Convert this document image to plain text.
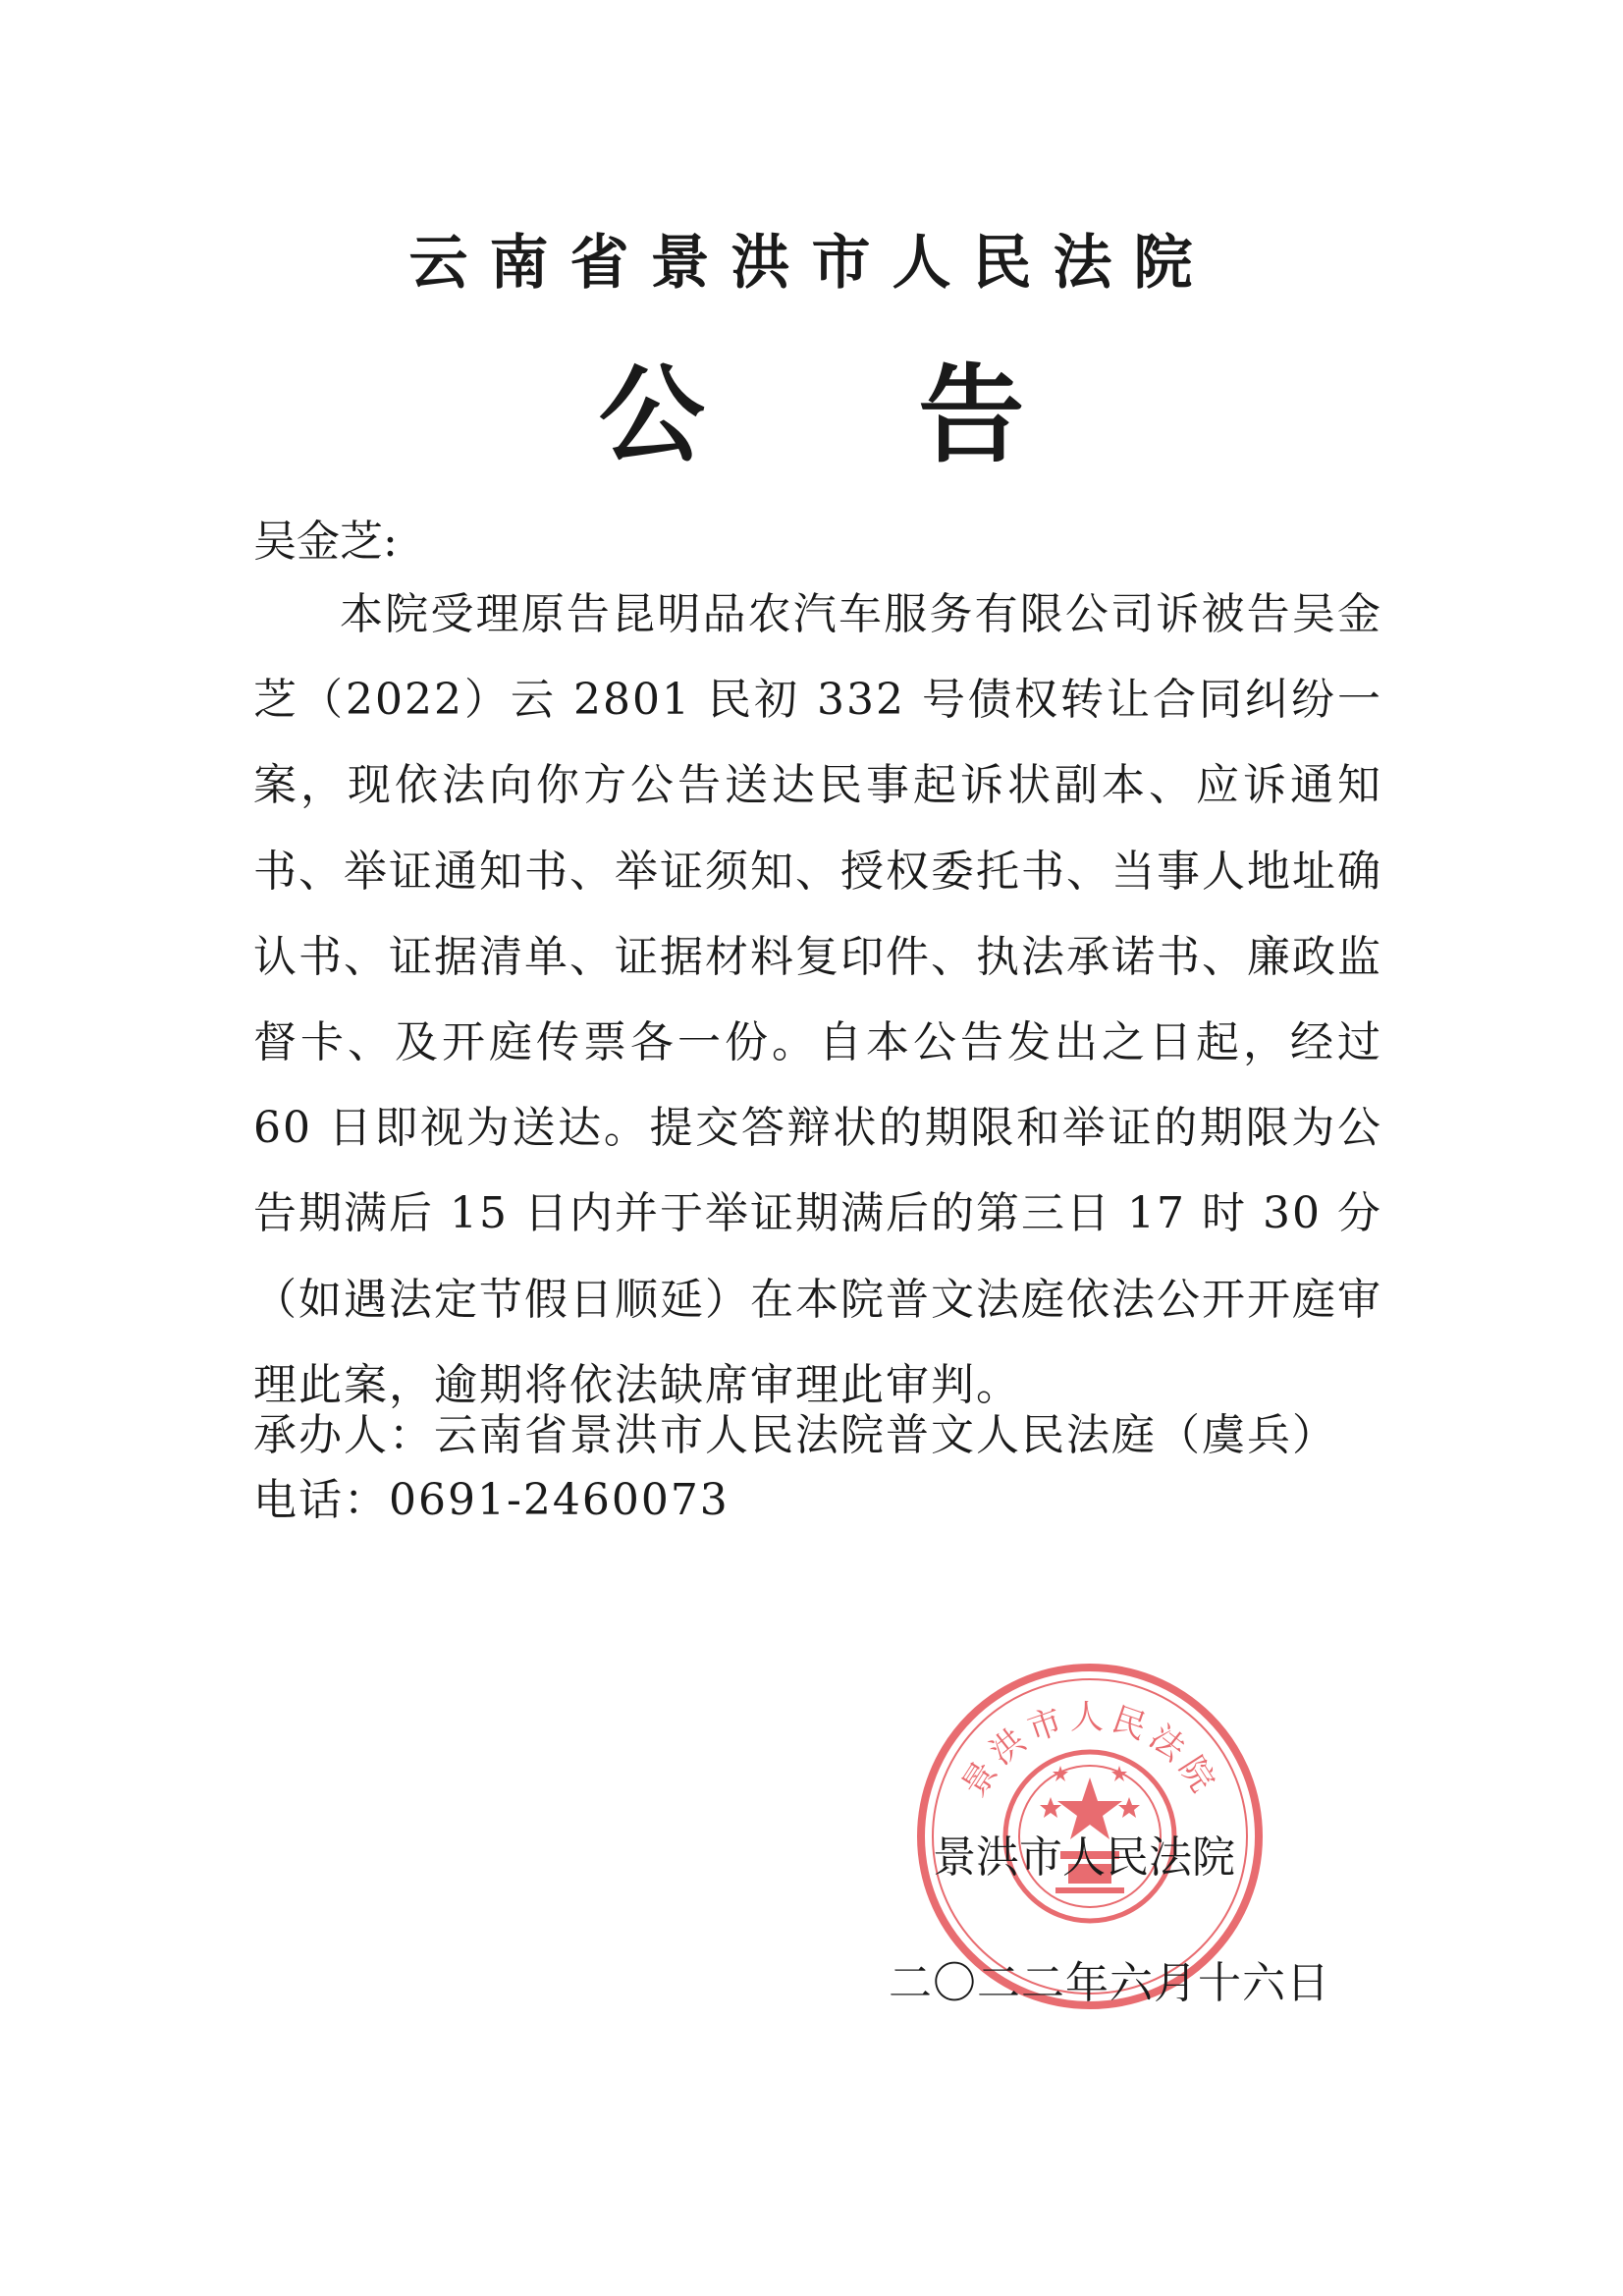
云南省景洪市人民法院
公 告
吴金芝:
本院受理原告昆明品农汽车服务有限公司诉被告吴金芝（2022）云 2801 民初 332 号债权转让合同纠纷一案，现依法向你方公告送达民事起诉状副本、应诉通知书、举证通知书、举证须知、授权委托书、当事人地址确认书、证据清单、证据材料复印件、执法承诺书、廉政监督卡、及开庭传票各一份。自本公告发出之日起，经过 60 日即视为送达。提交答辩状的期限和举证的期限为公告期满后 15 日内并于举证期满后的第三日 17 时 30 分（如遇法定节假日顺延）在本院普文法庭依法公开开庭审理此案，逾期将依法缺席审理此审判。
承办人：云南省景洪市人民法院普文人民法庭（虞兵）
电话：0691-2460073
景洪市人民法院
景洪市人民法院
二〇二二年六月十六日
